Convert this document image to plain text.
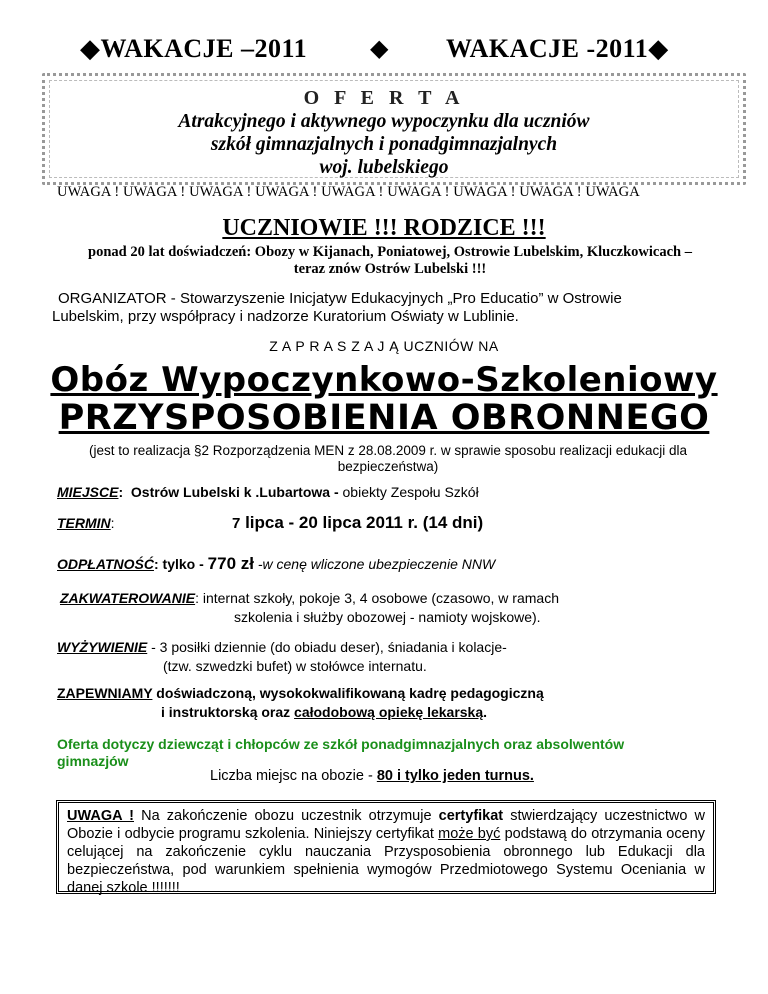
◆WAKACJE –2011	◆ WAKACJE -2011◆
O F E R T A
Atrakcyjnego i aktywnego wypoczynku dla uczniów
szkół gimnazjalnych i ponadgimnazjalnych
woj. lubelskiego
UWAGA ! UWAGA ! UWAGA ! UWAGA ! UWAGA ! UWAGA ! UWAGA ! UWAGA ! UWAGA
UCZNIOWIE !!! RODZICE !!!
ponad 20 lat doświadczeń: Obozy w Kijanach, Poniatowej, Ostrowie Lubelskim, Kluczkowicach –
teraz znów Ostrów Lubelski !!!
ORGANIZATOR - Stowarzyszenie Inicjatyw Edukacyjnych „Pro Educatio” w Ostrowie
Lubelskim, przy współpracy i nadzorze Kuratorium Oświaty w Lublinie.
Z A P R A S Z A J Ą UCZNIÓW NA
Obóz Wypoczynkowo-Szkoleniowy
PRZYSPOSOBIENIA OBRONNEGO
(jest to realizacja §2 Rozporządzenia MEN z 28.08.2009 r. w sprawie sposobu realizacji edukacji dla
bezpieczeństwa)
MIEJSCE: Ostrów Lubelski k .Lubartowa - obiekty Zespołu Szkół
TERMIN:	7 lipca - 20 lipca 2011 r. (14 dni)
ODPŁATNOŚĆ: tylko - 770 zł -w cenę wliczone ubezpieczenie NNW
ZAKWATEROWANIE: internat szkoły, pokoje 3, 4 osobowe (czasowo, w ramach
szkolenia i służby obozowej - namioty wojskowe).
WYŻYWIENIE - 3 posiłki dziennie (do obiadu deser), śniadania i kolacje-
(tzw. szwedzki bufet) w stołówce internatu.
ZAPEWNIAMY doświadczoną, wysokokwalifikowaną kadrę pedagogiczną
i instruktorską oraz całodobową opiekę lekarską.
Oferta dotyczy dziewcząt i chłopców ze szkół ponadgimnazjalnych oraz absolwentów
gimnazjów
Liczba miejsc na obozie - 80 i tylko jeden turnus.
UWAGA ! Na zakończenie obozu uczestnik otrzymuje certyfikat stwierdzający uczestnictwo w Obozie i odbycie programu szkolenia. Niniejszy certyfikat może być podstawą do otrzymania oceny celującej na zakończenie cyklu nauczania Przysposobienia obronnego lub Edukacji dla bezpieczeństwa, pod warunkiem spełnienia wymogów Przedmiotowego Systemu Oceniania w danej szkole !!!!!!!
